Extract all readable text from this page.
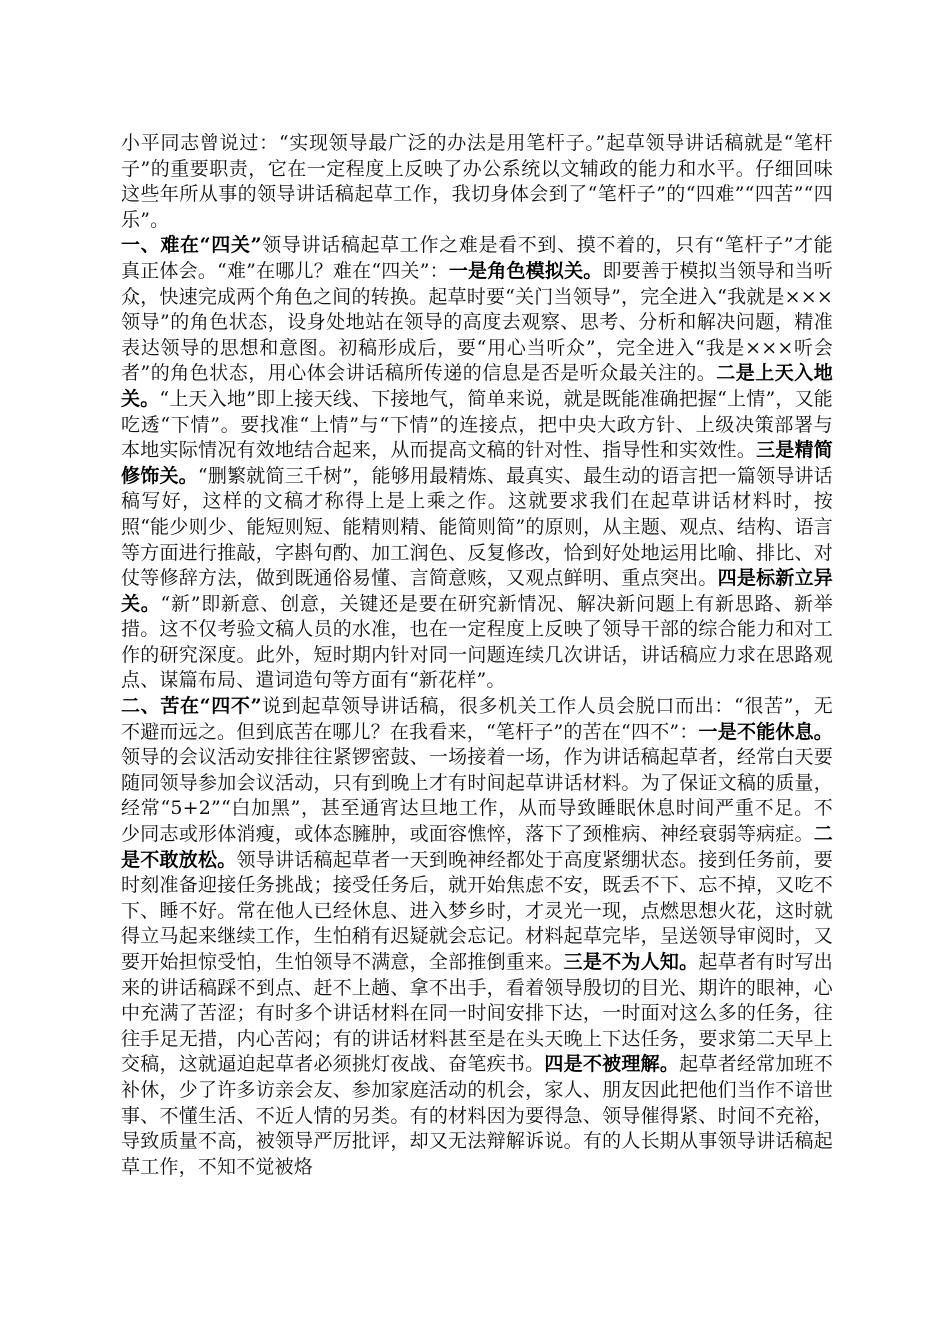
小平同志曾说过：“实现领导最广泛的办法是用笔杆子。”起草领导讲话稿就是“笔杆子”的重要职责，它在一定程度上反映了办公系统以文辅政的能力和水平。仔细回味这些年所从事的领导讲话稿起草工作，我切身体会到了“笔杆子”的“四难”“四苦”“四乐”。

一、难在“四关”领导讲话稿起草工作之难是看不到、摸不着的，只有“笔杆子”才能真正体会。“难”在哪儿？难在“四关”：一是角色模拟关。即要善于模拟当领导和当听众，快速完成两个角色之间的转换。起草时要“关门当领导”，完全进入“我就是×××领导”的角色状态，设身处地站在领导的高度去观察、思考、分析和解决问题，精准表达领导的思想和意图。初稿形成后，要“用心当听众”，完全进入“我是×××听会者”的角色状态，用心体会讲话稿所传递的信息是否是听众最关注的。二是上天入地关。“上天入地”即上接天线、下接地气，简单来说，就是既能准确把握“上情”，又能吃透“下情”。要找准“上情”与“下情”的连接点，把中央大政方针、上级决策部署与本地实际情况有效地结合起来，从而提高文稿的针对性、指导性和实效性。三是精简修饰关。“删繁就简三千树”，能够用最精炼、最真实、最生动的语言把一篇领导讲话稿写好，这样的文稿才称得上是上乘之作。这就要求我们在起草讲话材料时，按照“能少则少、能短则短、能精则精、能简则简”的原则，从主题、观点、结构、语言等方面进行推敲，字斟句酌、加工润色、反复修改，恰到好处地运用比喻、排比、对仗等修辞方法，做到既通俗易懂、言简意赅，又观点鲜明、重点突出。四是标新立异关。“新”即新意、创意，关键还是要在研究新情况、解决新问题上有新思路、新举措。这不仅考验文稿人员的水准，也在一定程度上反映了领导干部的综合能力和对工作的研究深度。此外，短时期内针对同一问题连续几次讲话，讲话稿应力求在思路观点、谋篇布局、遣词造句等方面有“新花样”。

二、苦在“四不”说到起草领导讲话稿，很多机关工作人员会脱口而出：“很苦”，无不避而远之。但到底苦在哪儿？在我看来，“笔杆子”的苦在“四不”：一是不能休息。领导的会议活动安排往往紧锣密鼓、一场接着一场，作为讲话稿起草者，经常白天要随同领导参加会议活动，只有到晚上才有时间起草讲话材料。为了保证文稿的质量，经常“5+2”“白加黑”，甚至通宵达旦地工作，从而导致睡眠休息时间严重不足。不少同志或形体消瘦，或体态臃肿，或面容憔悴，落下了颈椎病、神经衰弱等病症。二是不敢放松。领导讲话稿起草者一天到晚神经都处于高度紧绷状态。接到任务前，要时刻准备迎接任务挑战；接受任务后，就开始焦虑不安，既丢不下、忘不掉，又吃不下、睡不好。常在他人已经休息、进入梦乡时，才灵光一现，点燃思想火花，这时就得立马起来继续工作，生怕稍有迟疑就会忘记。材料起草完毕，呈送领导审阅时，又要开始担惊受怕，生怕领导不满意，全部推倒重来。三是不为人知。起草者有时写出来的讲话稿踩不到点、赶不上趟、拿不出手，看着领导殷切的目光、期许的眼神，心中充满了苦涩；有时多个讲话材料在同一时间安排下达，一时面对这么多的任务，往往手足无措，内心苦闷；有的讲话材料甚至是在头天晚上下达任务，要求第二天早上交稿，这就逼迫起草者必须挑灯夜战、奋笔疾书。四是不被理解。起草者经常加班不补休，少了许多访亲会友、参加家庭活动的机会，家人、朋友因此把他们当作不谙世事、不懂生活、不近人情的另类。有的材料因为要得急、领导催得紧、时间不充裕，导致质量不高，被领导严厉批评，却又无法辩解诉说。有的人长期从事领导讲话稿起草工作，不知不觉被烙
